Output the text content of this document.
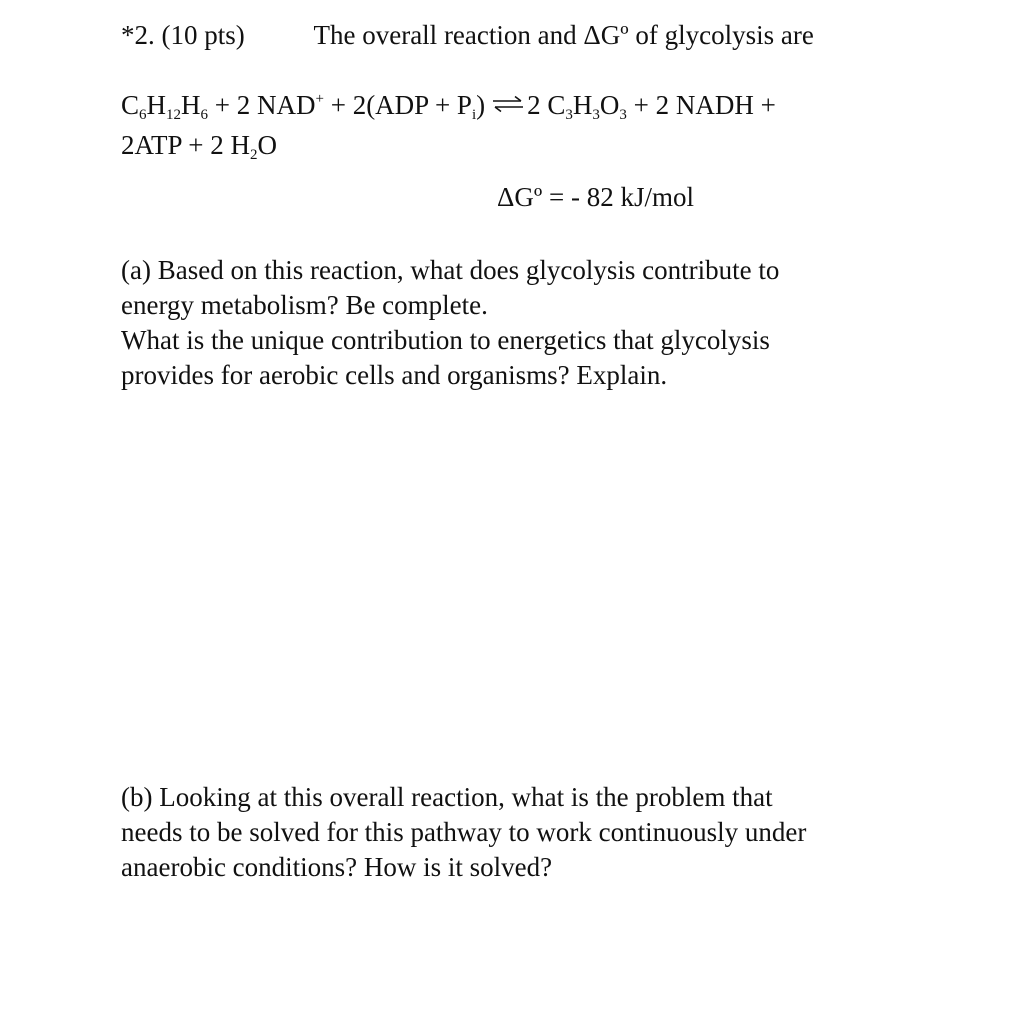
*2. (10 pts)	The overall reaction and ΔGº of glycolysis are
$C_6H_{12}H_6 + 2$ $NAD^+ + 2(ADP + P_i)$ ⇌ 2 $C_3H_3O_3 + 2$ NADH +
2ATP + 2 $H_2O$
ΔGº = - 82 kJ/mol
(a) Based on this reaction, what does glycolysis contribute to
energy metabolism? Be complete.
What is the unique contribution to energetics that glycolysis
provides for aerobic cells and organisms? Explain.
(b) Looking at this overall reaction, what is the problem that
needs to be solved for this pathway to work continuously under
anaerobic conditions? How is it solved?
